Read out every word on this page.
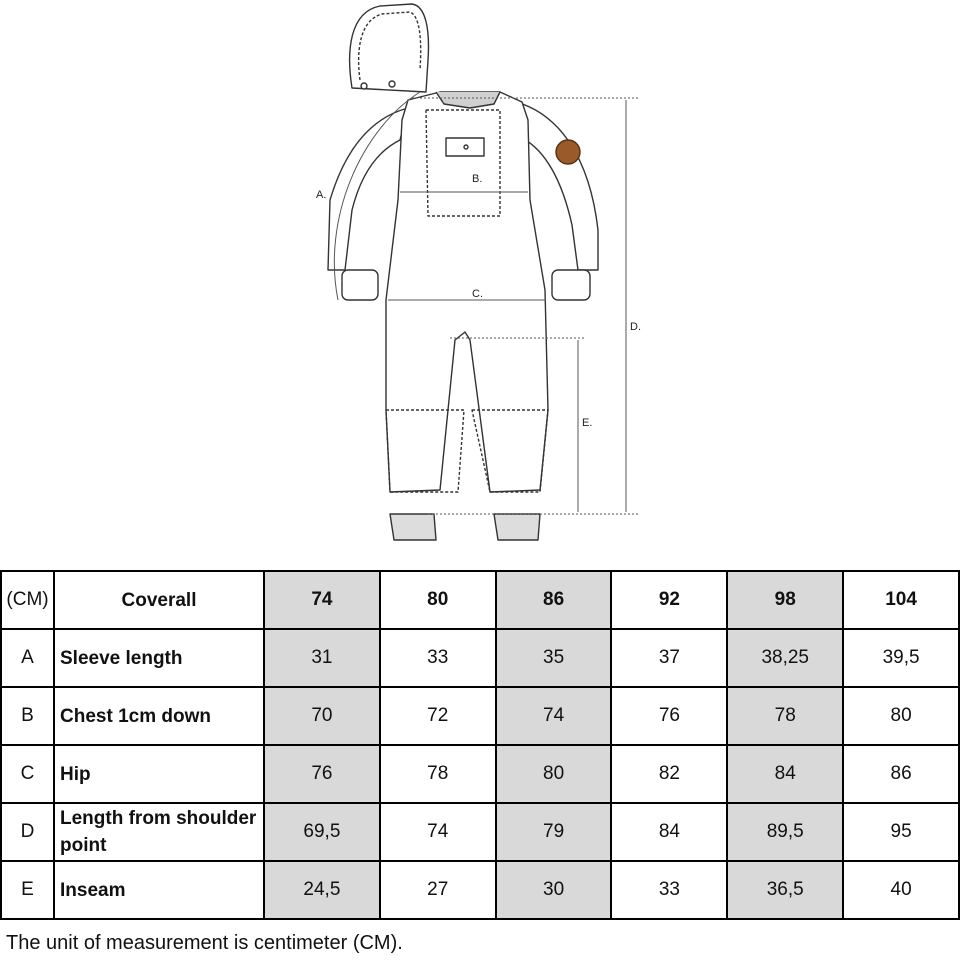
A.
B.
C.
D.
E.
(CM)	Coverall	74	80	86	92	98	104
A	Sleeve length	31	33	35	37	38,25	39,5
B	Chest 1cm down	70	72	74	76	78	80
C	Hip	76	78	80	82	84	86
D	Length from shoulder point	69,5	74	79	84	89,5	95
E	Inseam	24,5	27	30	33	36,5	40
The unit of measurement is centimeter (CM).
